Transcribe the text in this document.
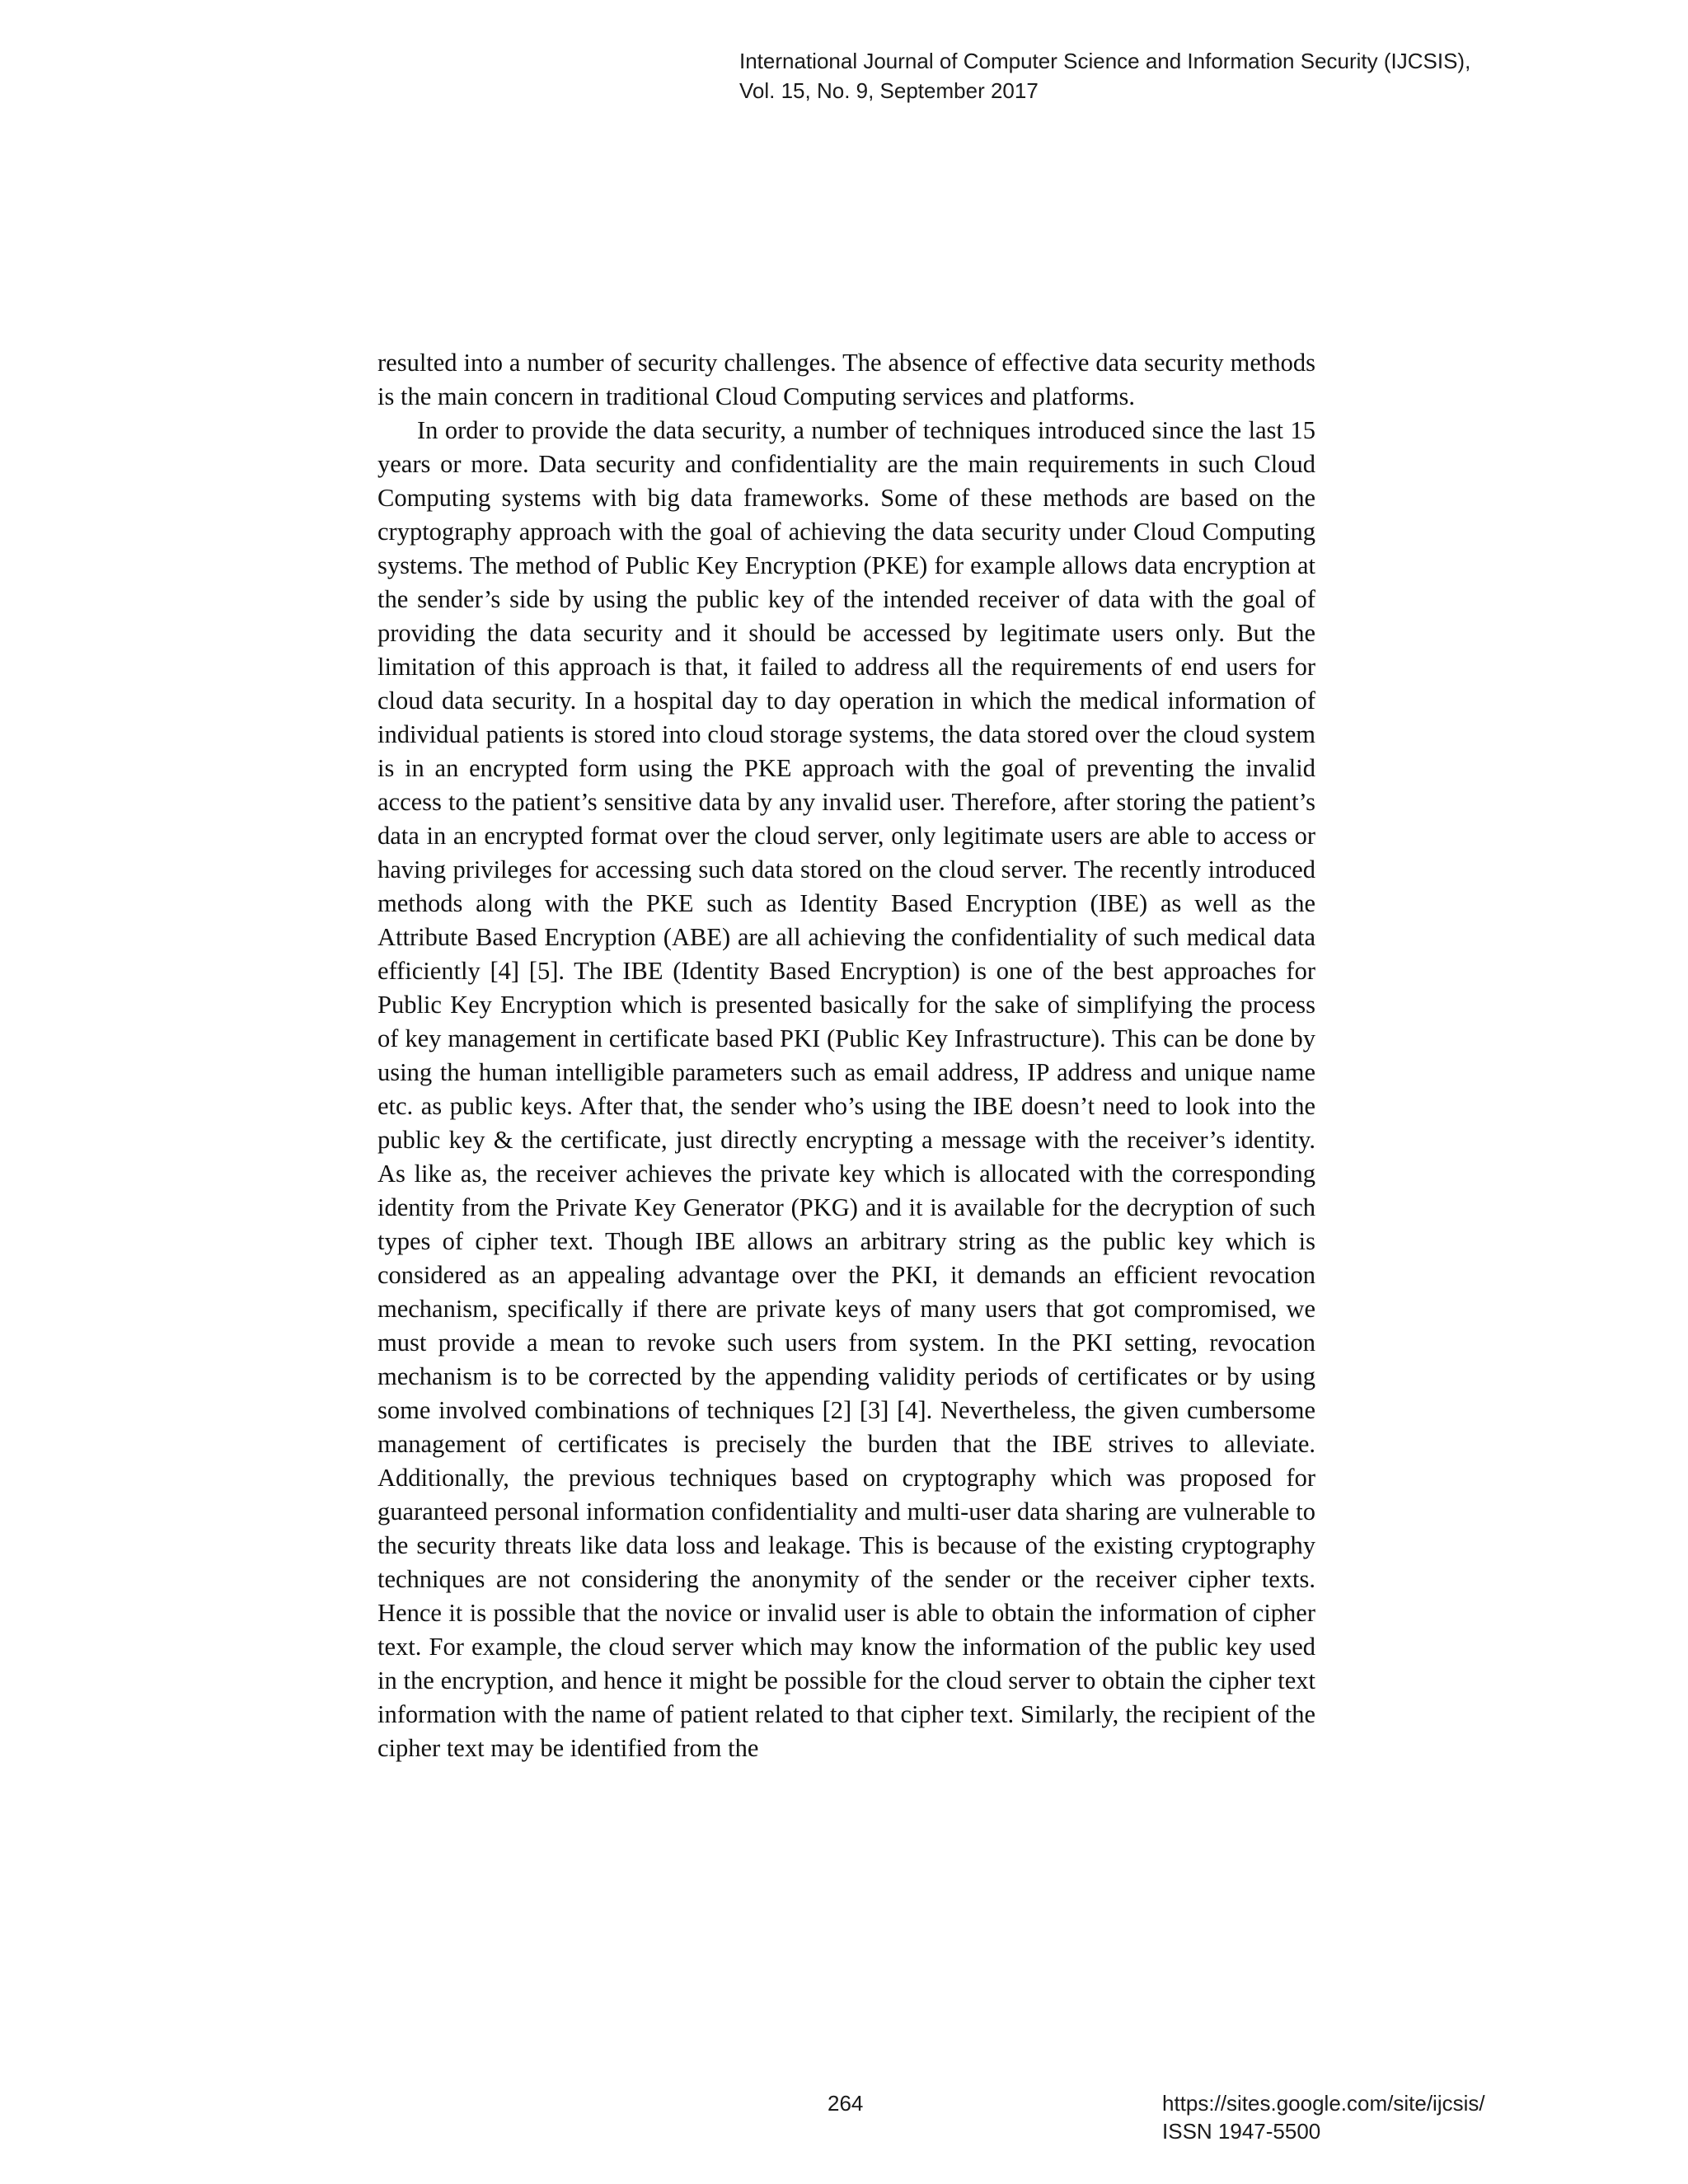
International Journal of Computer Science and Information Security (IJCSIS),
Vol. 15, No. 9, September 2017

resulted into a number of security challenges. The absence of effective data security methods is the main concern in traditional Cloud Computing services and platforms.

In order to provide the data security, a number of techniques introduced since the last 15 years or more. Data security and confidentiality are the main requirements in such Cloud Computing systems with big data frameworks. Some of these methods are based on the cryptography approach with the goal of achieving the data security under Cloud Computing systems. The method of Public Key Encryption (PKE) for example allows data encryption at the sender’s side by using the public key of the intended receiver of data with the goal of providing the data security and it should be accessed by legitimate users only. But the limitation of this approach is that, it failed to address all the requirements of end users for cloud data security. In a hospital day to day operation in which the medical information of individual patients is stored into cloud storage systems, the data stored over the cloud system is in an encrypted form using the PKE approach with the goal of preventing the invalid access to the patient’s sensitive data by any invalid user. Therefore, after storing the patient’s data in an encrypted format over the cloud server, only legitimate users are able to access or having privileges for accessing such data stored on the cloud server. The recently introduced methods along with the PKE such as Identity Based Encryption (IBE) as well as the Attribute Based Encryption (ABE) are all achieving the confidentiality of such medical data efficiently [4] [5]. The IBE (Identity Based Encryption) is one of the best approaches for Public Key Encryption which is presented basically for the sake of simplifying the process of key management in certificate based PKI (Public Key Infrastructure). This can be done by using the human intelligible parameters such as email address, IP address and unique name etc. as public keys. After that, the sender who’s using the IBE doesn’t need to look into the public key & the certificate, just directly encrypting a message with the receiver’s identity. As like as, the receiver achieves the private key which is allocated with the corresponding identity from the Private Key Generator (PKG) and it is available for the decryption of such types of cipher text. Though IBE allows an arbitrary string as the public key which is considered as an appealing advantage over the PKI, it demands an efficient revocation mechanism, specifically if there are private keys of many users that got compromised, we must provide a mean to revoke such users from system. In the PKI setting, revocation mechanism is to be corrected by the appending validity periods of certificates or by using some involved combinations of techniques [2] [3] [4]. Nevertheless, the given cumbersome management of certificates is precisely the burden that the IBE strives to alleviate. Additionally, the previous techniques based on cryptography which was proposed for guaranteed personal information confidentiality and multi-user data sharing are vulnerable to the security threats like data loss and leakage. This is because of the existing cryptography techniques are not considering the anonymity of the sender or the receiver cipher texts. Hence it is possible that the novice or invalid user is able to obtain the information of cipher text. For example, the cloud server which may know the information of the public key used in the encryption, and hence it might be possible for the cloud server to obtain the cipher text information with the name of patient related to that cipher text. Similarly, the recipient of the cipher text may be identified from the

264	https://sites.google.com/site/ijcsis/
ISSN 1947-5500
